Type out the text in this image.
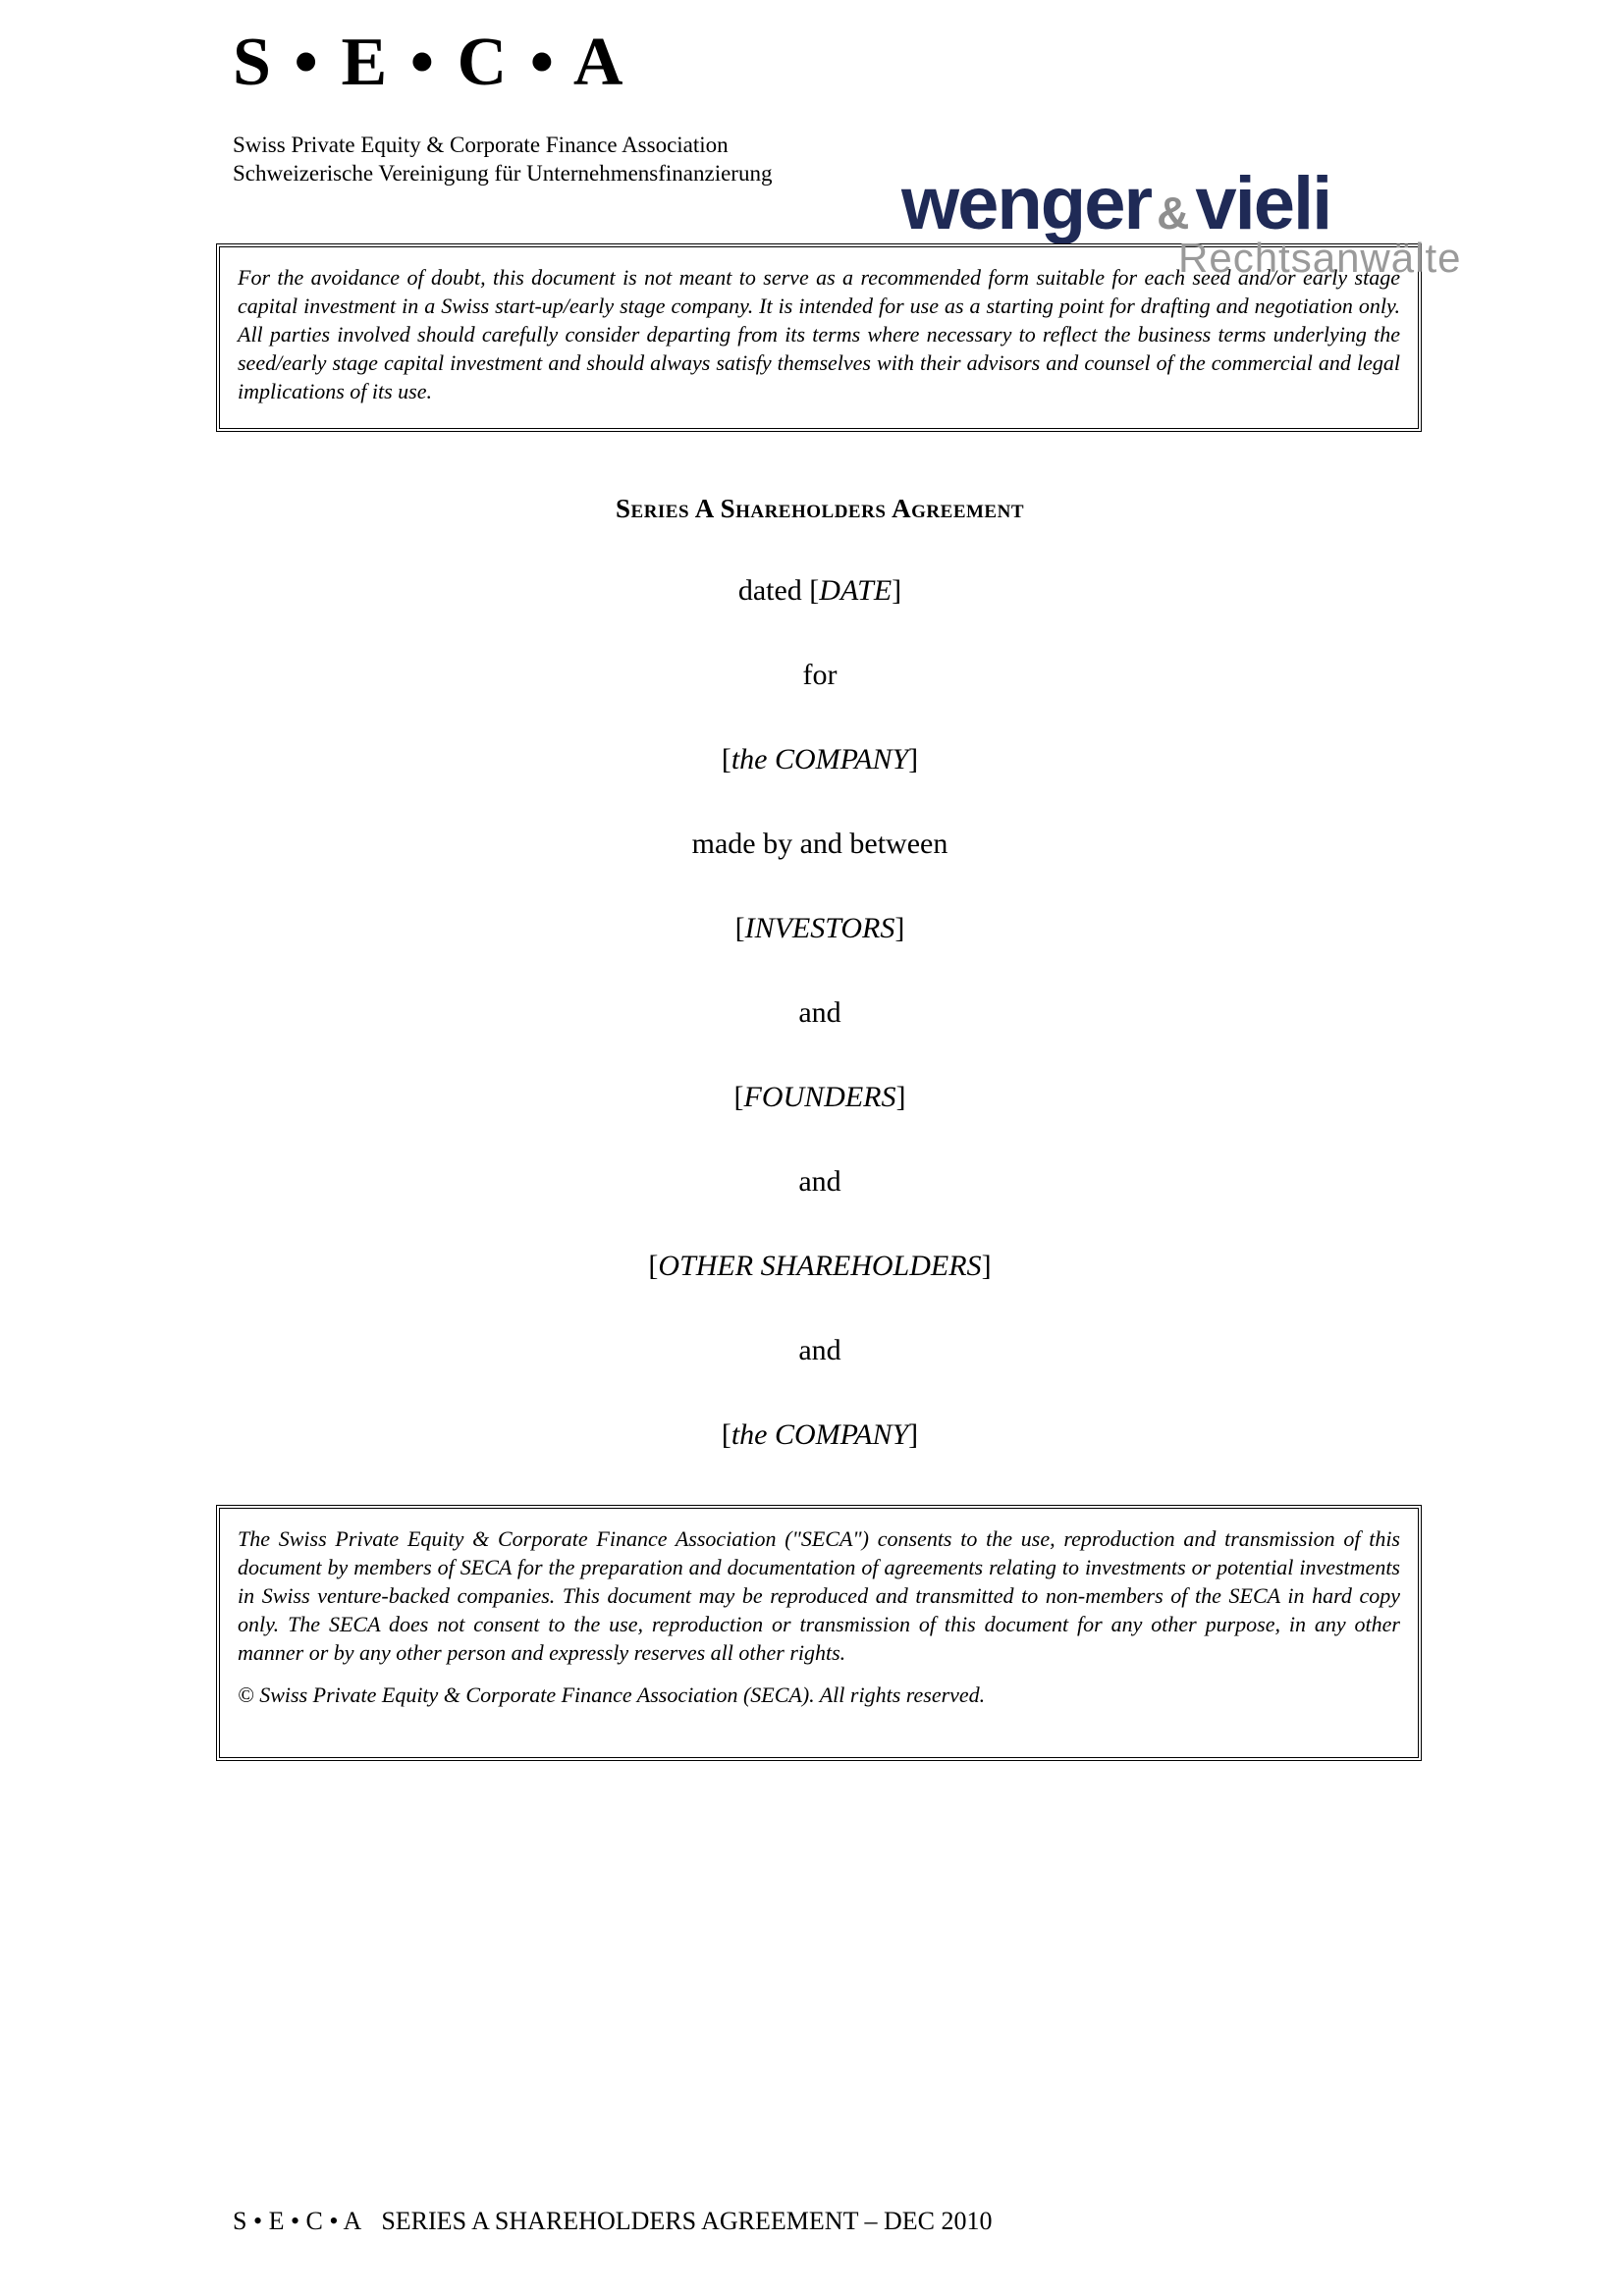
S • E • C • A
Swiss Private Equity & Corporate Finance Association
Schweizerische Vereinigung für Unternehmensfinanzierung wenger &vieli

For the avoidance of doubt, this document is not meant to serve as a recommended form suitable for each seed and/or early stage capital investment in a Swiss start-up/early stage company. It is intended for use as a starting point for drafting and negotiation only. All parties involved should carefully consider departing from its terms where necessary to reflect the business terms underlying the seed/early stage capital investment and should always satisfy themselves with their advisors and counsel of the commercial and legal implications of its use.

Rechtsanwälte
Series A Shareholders Agreement
dated [DATE]
for
[the COMPANY]
made by and between
[INVESTORS]
and
[FOUNDERS]
and
[OTHER SHAREHOLDERS]
and
[the COMPANY]

The Swiss Private Equity & Corporate Finance Association ("SECA") consents to the use, reproduction and transmission of this document by members of SECA for the preparation and documentation of agreements relating to investments or potential investments in Swiss venture-backed companies. This document may be reproduced and transmitted to non-members of the SECA in hard copy only. The SECA does not consent to the use, reproduction or transmission of this document for any other purpose, in any other manner or by any other person and expressly reserves all other rights.

© Swiss Private Equity & Corporate Finance Association (SECA). All rights reserved.

S • E • C • A SERIES A SHAREHOLDERS AGREEMENT – DEC 2010
